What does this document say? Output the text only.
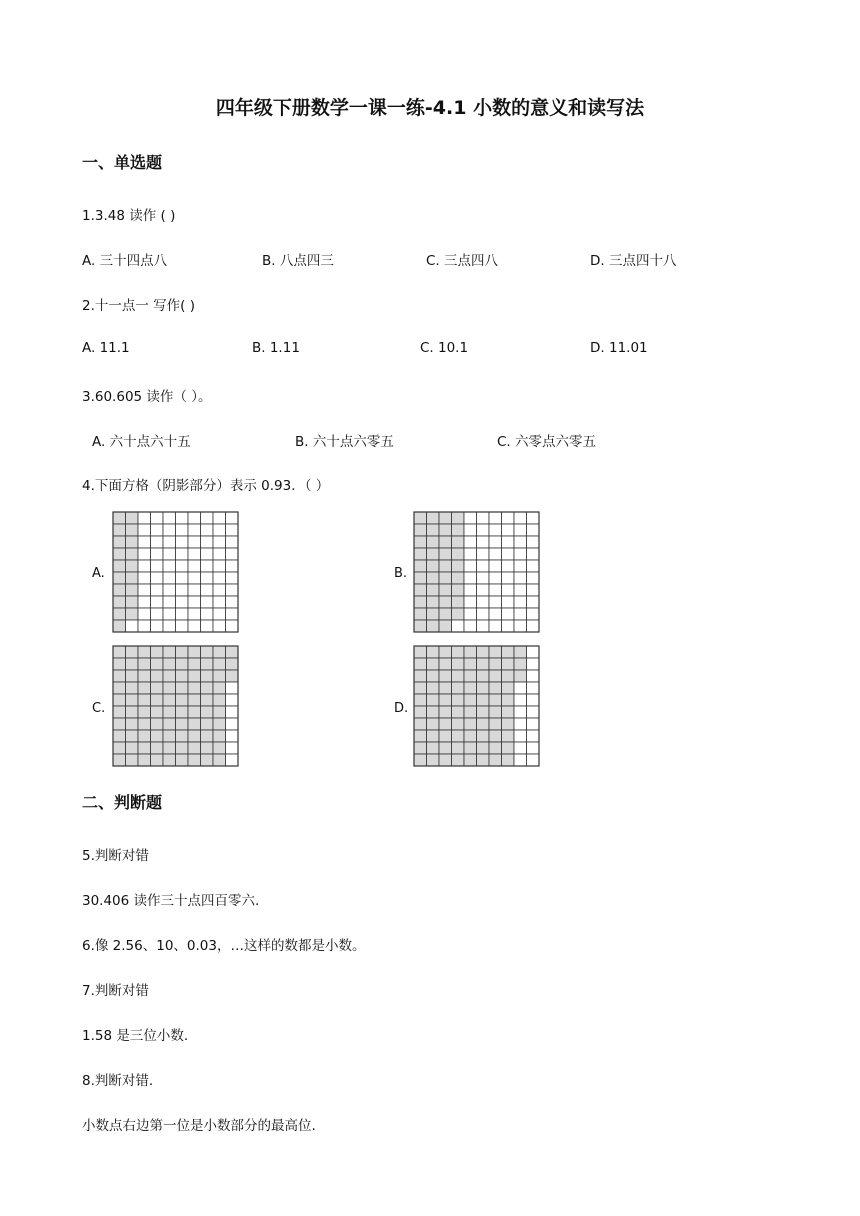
四年级下册数学一课一练-4.1 小数的意义和读写法
一、单选题
1.3.48 读作 ( )
A. 三十四点八	B. 八点四三	C. 三点四八	D. 三点四十八
2.十一点一 写作( )
A. 11.1	B. 1.11	C. 10.1	D. 11.01
3.60.605 读作（ ）。
A. 六十点六十五	B. 六十点六零五	C. 六零点六零五
4.下面方格（阴影部分）表示 0.93．（ ）
A.	B.
C.	D.
二、判断题
5.判断对错
30.406 读作三十点四百零六.
6.像 2.56、10、0.03，…这样的数都是小数。
7.判断对错
1.58 是三位小数.
8.判断对错.
小数点右边第一位是小数部分的最高位.
